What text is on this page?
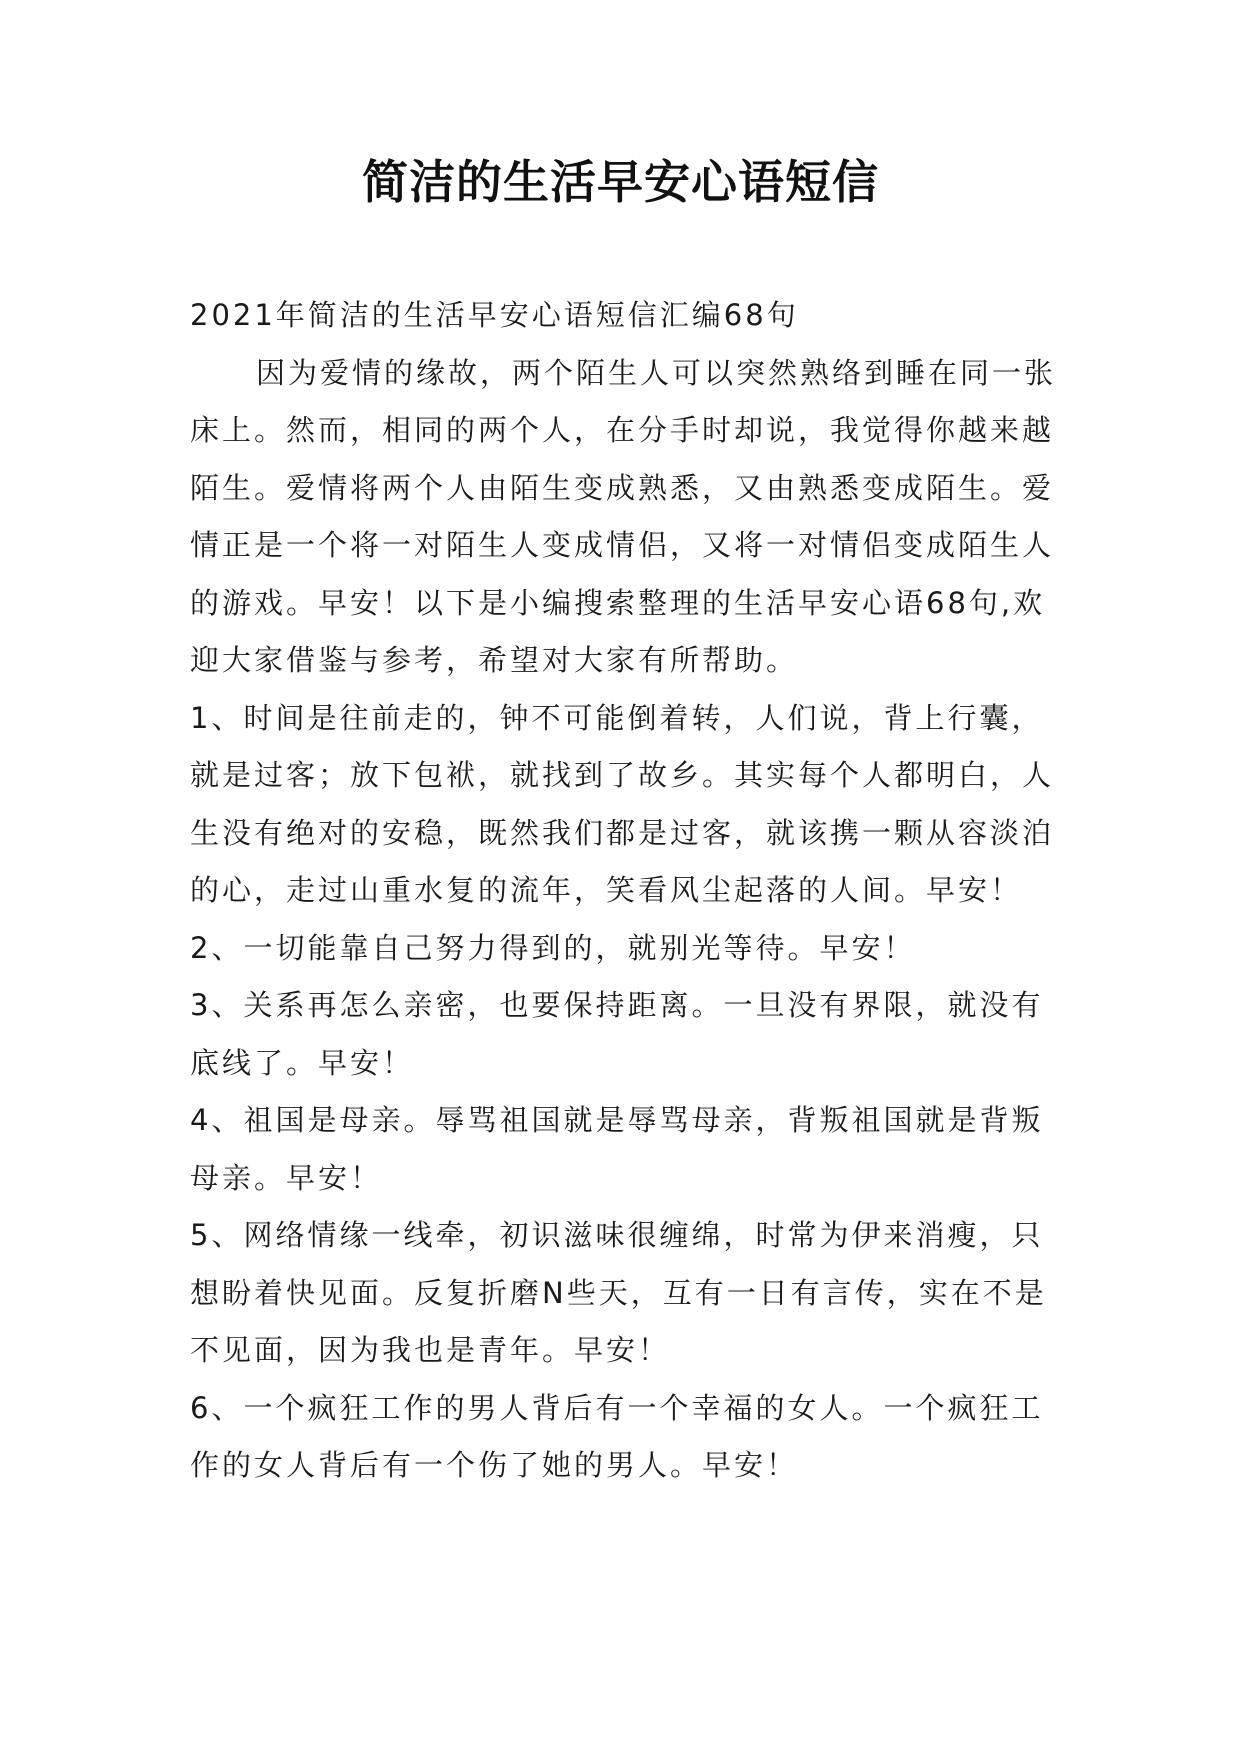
简洁的生活早安心语短信

2021年简洁的生活早安心语短信汇编68句

因为爱情的缘故，两个陌生人可以突然熟络到睡在同一张床上。然而，相同的两个人，在分手时却说，我觉得你越来越陌生。爱情将两个人由陌生变成熟悉，又由熟悉变成陌生。爱情正是一个将一对陌生人变成情侣，又将一对情侣变成陌生人的游戏。早安！以下是小编搜索整理的生活早安心语68句,欢迎大家借鉴与参考，希望对大家有所帮助。

1、时间是往前走的，钟不可能倒着转，人们说，背上行囊，就是过客；放下包袱，就找到了故乡。其实每个人都明白，人生没有绝对的安稳，既然我们都是过客，就该携一颗从容淡泊的心，走过山重水复的流年，笑看风尘起落的人间。早安！

2、一切能靠自己努力得到的，就别光等待。早安！

3、关系再怎么亲密，也要保持距离。一旦没有界限，就没有底线了。早安！

4、祖国是母亲。辱骂祖国就是辱骂母亲，背叛祖国就是背叛母亲。早安！

5、网络情缘一线牵，初识滋味很缠绵，时常为伊来消瘦，只想盼着快见面。反复折磨N些天，互有一日有言传，实在不是不见面，因为我也是青年。早安！

6、一个疯狂工作的男人背后有一个幸福的女人。一个疯狂工作的女人背后有一个伤了她的男人。早安！
